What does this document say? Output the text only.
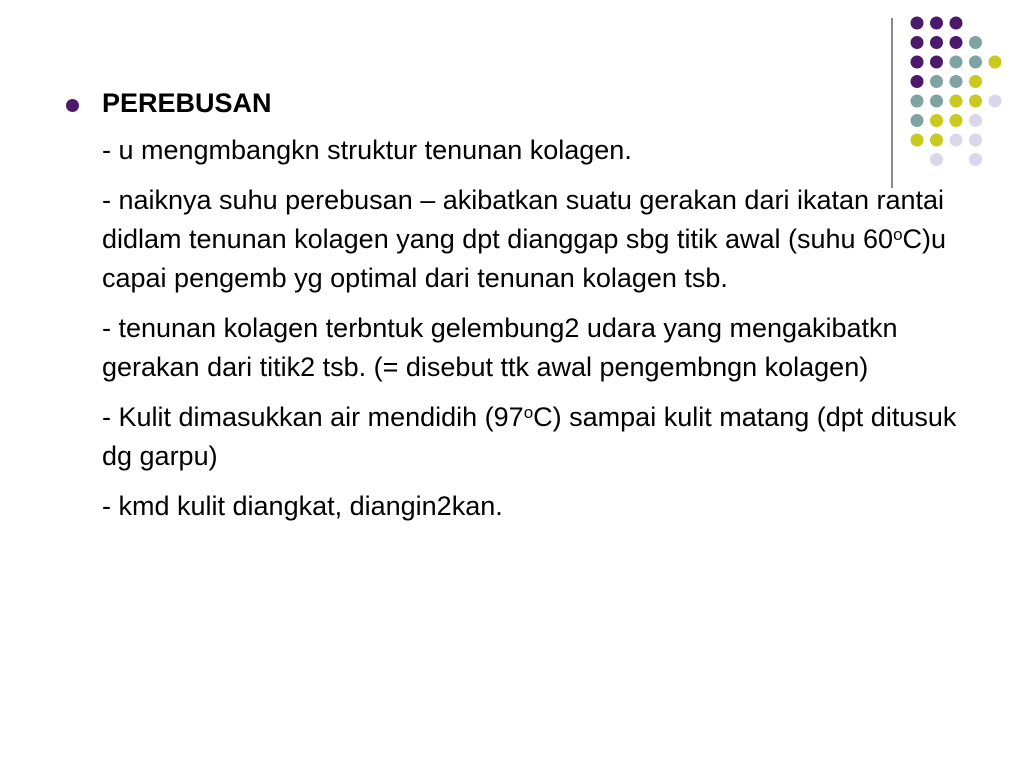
PEREBUSAN
- u mengmbangkn struktur tenunan kolagen.
- naiknya suhu perebusan – akibatkan suatu gerakan dari ikatan rantai didlam tenunan kolagen yang dpt dianggap sbg titik awal (suhu 60$^o$C)u capai pengemb yg optimal dari tenunan kolagen tsb.
- tenunan kolagen terbntuk gelembung2 udara yang mengakibatkn gerakan dari titik2 tsb. (= disebut ttk awal pengembngn kolagen)
- Kulit dimasukkan air mendidih (97$^o$C) sampai kulit matang (dpt ditusuk dg garpu)
- kmd kulit diangkat, diangin2kan.
